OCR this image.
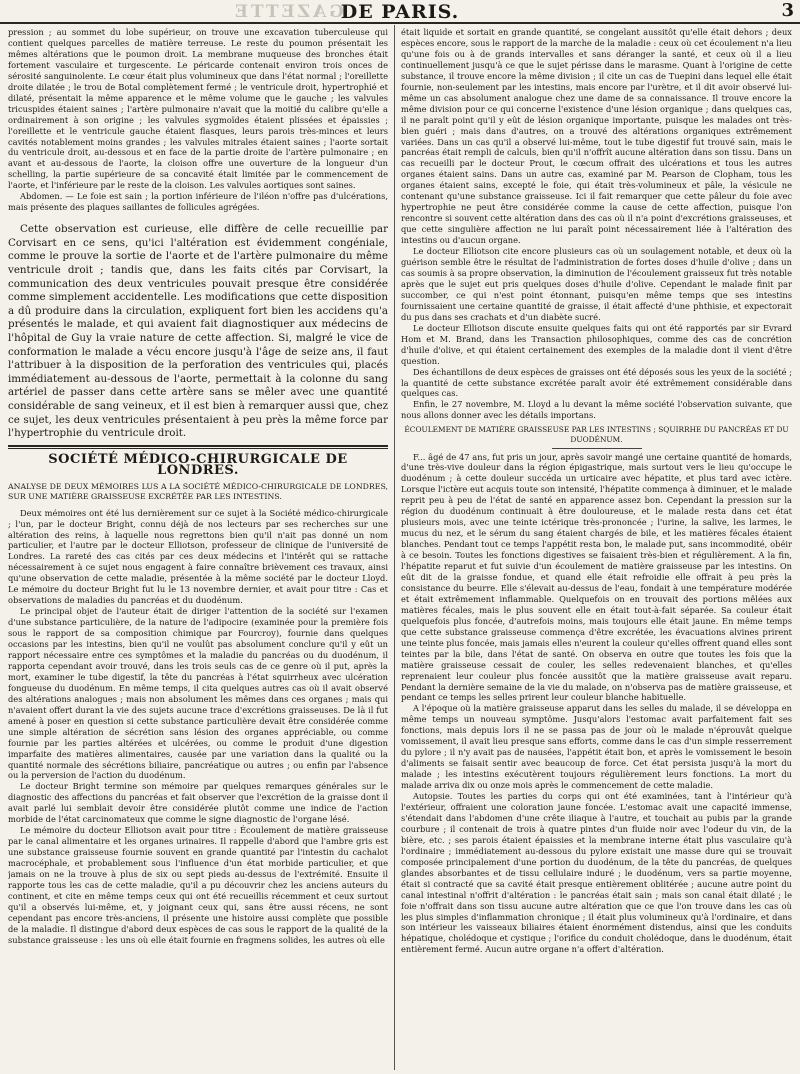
GAZETTE
DE PARIS.	3

pression ; au sommet du lobe supérieur, on trouve une excavation tuberculeuse qui contient quelques parcelles de matière terreuse. Le reste du poumon présentait les mêmes altérations que le poumon droit. La membrane muqueuse des bronches était fortement vasculaire et turgescente. Le péricarde contenait environ trois onces de sérosité sanguinolente. Le cœur était plus volumineux que dans l'état normal ; l'oreillette droite dilatée ; le trou de Botal complètement fermé ; le ventricule droit, hypertrophié et dilaté, présentait la même apparence et le même volume que le gauche ; les valvules tricuspides étaient saines ; l'artère pulmonaire n'avait que la moitié du calibre qu'elle a ordinairement à son origine ; les valvules sygmoïdes étaient plissées et épaissies ; l'oreillette et le ventricule gauche étaient flasques, leurs parois très-minces et leurs cavités notablement moins grandes ; les valvules mitrales étaient saines ; l'aorte sortait du ventricule droit, au-dessous et en face de la partie droite de l'artère pulmonaire ; en avant et au-dessous de l'aorte, la cloison offre une ouverture de la longueur d'un schelling, la partie supérieure de sa concavité était limitée par le commencement de l'aorte, et l'inférieure par le reste de la cloison. Les valvules aortiques sont saines.

Abdomen. — Le foie est sain ; la portion inférieure de l'iléon n'offre pas d'ulcérations, mais présente des plaques saillantes de follicules agrégées.

Cette observation est curieuse, elle diffère de celle recueillie par Corvisart en ce sens, qu'ici l'altération est évidemment congéniale, comme le prouve la sortie de l'aorte et de l'artère pulmonaire du même ventricule droit ; tandis que, dans les faits cités par Corvisart, la communication des deux ventricules pouvait presque être considérée comme simplement accidentelle. Les modifications que cette disposition a dû produire dans la circulation, expliquent fort bien les accidens qu'a présentés le malade, et qui avaient fait diagnostiquer aux médecins de l'hôpital de Guy la vraie nature de cette affection. Si, malgré le vice de conformation le malade a vécu encore jusqu'à l'âge de seize ans, il faut l'attribuer à la disposition de la perforation des ventricules qui, placés immédiatement au-dessous de l'aorte, permettait à la colonne du sang artériel de passer dans cette artère sans se mêler avec une quantité considérable de sang veineux, et il est bien à remarquer aussi que, chez ce sujet, les deux ventricules présentaient à peu près la même force par l'hypertrophie du ventricule droit.

SOCIÉTÉ MÉDICO-CHIRURGICALE DE LONDRES.
ANALYSE DE DEUX MÉMOIRES LUS A LA SOCIÉTÉ MÉDICO-CHIRURGICALE DE LONDRES, SUR UNE MATIÈRE GRAISSEUSE EXCRÉTÉE PAR LES INTESTINS.

Deux mémoires ont été lus dernièrement sur ce sujet à la Société médico-chirurgicale ; l'un, par le docteur Bright, connu déjà de nos lecteurs par ses recherches sur une altération des reins, à laquelle nous regrettons bien qu'il n'ait pas donné un nom particulier, et l'autre par le docteur Elliotson, professeur de clinique de l'université de Londres. La rareté des cas cités par ces deux médecins et l'intérêt qui se rattache nécessairement à ce sujet nous engagent à faire connaître brièvement ces travaux, ainsi qu'une observation de cette maladie, présentée à la même société par le docteur Lloyd. Le mémoire du docteur Bright fut lu le 13 novembre dernier, et avait pour titre : Cas et observations de maladies du pancréas et du duodénum.

Le principal objet de l'auteur était de diriger l'attention de la société sur l'examen d'une substance particulière, de la nature de l'adipocire (examinée pour la première fois sous le rapport de sa composition chimique par Fourcroy), fournie dans quelques occasions par les intestins, bien qu'il ne voulût pas absolument conclure qu'il y eût un rapport nécessaire entre ces symptômes et la maladie du pancréas ou du duodénum, il rapporta cependant avoir trouvé, dans les trois seuls cas de ce genre où il put, après la mort, examiner le tube digestif, la tête du pancréas à l'état squirrheux avec ulcération fongueuse du duodénum. En même temps, il cita quelques autres cas où il avait observé des altérations analogues ; mais non absolument les mêmes dans ces organes ; mais qui n'avaient offert durant la vie des sujets aucune trace d'excrétions graisseuses. De là il fut amené à poser en question si cette substance particulière devait être considérée comme une simple altération de sécrétion sans lésion des organes appréciable, ou comme fournie par les parties altérées et ulcérées, ou comme le produit d'une digestion imparfaite des matières alimentaires, causée par une variation dans la qualité ou la quantité normale des sécrétions biliaire, pancréatique ou autres ; ou enfin par l'absence ou la perversion de l'action du duodénum.

Le docteur Bright termine son mémoire par quelques remarques générales sur le diagnostic des affections du pancréas et fait observer que l'excrétion de la graisse dont il avait parlé lui semblait devoir être considérée plutôt comme une indice de l'action morbide de l'état carcinomateux que comme le signe diagnostic de l'organe lésé.

Le mémoire du docteur Elliotson avait pour titre : Écoulement de matière graisseuse par le canal alimentaire et les organes urinaires. Il rappelle d'abord que l'ambre gris est une substance graisseuse fournie souvent en grande quantité par l'intestin du cachalot macrocéphale, et probablement sous l'influence d'un état morbide particulier, et que jamais on ne la trouve à plus de six ou sept pieds au-dessus de l'extrémité. Ensuite il rapporte tous les cas de cette maladie, qu'il a pu découvrir chez les anciens auteurs du continent, et cite en même temps ceux qui ont été recueillis récemment et ceux surtout qu'il a observés lui-même, et, y joignant ceux qui, sans être aussi récens, ne sont cependant pas encore très-anciens, il présente une histoire aussi complète que possible de la maladie. Il distingue d'abord deux espèces de cas sous le rapport de la qualité de la substance graisseuse : les uns où elle était fournie en fragmens solides, les autres où elle

était liquide et sortait en grande quantité, se congelant aussitôt qu'elle était dehors ; deux espèces encore, sous le rapport de la marche de la maladie : ceux où cet écoulement n'a lieu qu'une fois ou à de grands intervalles et sans déranger la santé, et ceux où il a lieu continuellement jusqu'à ce que le sujet périsse dans le marasme. Quant à l'origine de cette substance, il trouve encore la même division ; il cite un cas de Tuepini dans lequel elle était fournie, non-seulement par les intestins, mais encore par l'urètre, et il dit avoir observé lui-même un cas absolument analogue chez une dame de sa connaissance. Il trouve encore la même division pour ce qui concerne l'existence d'une lésion organique ; dans quelques cas, il ne paraît point qu'il y eût de lésion organique importante, puisque les malades ont très-bien guéri ; mais dans d'autres, on a trouvé des altérations organiques extrêmement variées. Dans un cas qu'il a observé lui-même, tout le tube digestif fut trouvé sain, mais le pancréas était rempli de calculs, bien qu'il n'offrît aucune altération dans son tissu. Dans un cas recueilli par le docteur Prout, le cœcum offrait des ulcérations et tous les autres organes étaient sains. Dans un autre cas, examiné par M. Pearson de Clopham, tous les organes étaient sains, excepté le foie, qui était très-volumineux et pâle, la vésicule ne contenant qu'une substance graisseuse. Ici il fait remarquer que cette pâleur du foie avec hypertrophie ne peut être considérée comme la cause de cette affection, puisque l'on rencontre si souvent cette altération dans des cas où il n'a point d'excrétions graisseuses, et que cette singulière affection ne lui paraît point nécessairement liée à l'altération des intestins ou d'aucun organe.

Le docteur Elliotson cite encore plusieurs cas où un soulagement notable, et deux où la guérison semble être le résultat de l'administration de fortes doses d'huile d'olive ; dans un cas soumis à sa propre observation, la diminution de l'écoulement graisseux fut très notable après que le sujet eut pris quelques doses d'huile d'olive. Cependant le malade finit par succomber, ce qui n'est point étonnant, puisqu'en même temps que ses intestins fournissaient une certaine quantité de graisse, il était affecté d'une phthisie, et expectorait du pus dans ses crachats et d'un diabète sucré.

Le docteur Elliotson discute ensuite quelques faits qui ont été rapportés par sir Evrard Hom et M. Brand, dans les Transaction philosophiques, comme des cas de concrétion d'huile d'olive, et qui étaient certainement des exemples de la maladie dont il vient d'être question.

Des échantillons de deux espèces de graisses ont été déposés sous les yeux de la société ; la quantité de cette substance excrétée paraît avoir été extrêmement considérable dans quelques cas.

Enfin, le 27 novembre, M. Lloyd a lu devant la même société l'observation suivante, que nous allons donner avec les détails importans.

ÉCOULEMENT DE MATIÈRE GRAISSEUSE PAR LES INTESTINS ; SQUIRRHE DU PANCRÉAS ET DU DUODÉNUM.

F... âgé de 47 ans, fut pris un jour, après savoir mangé une certaine quantité de homards, d'une très-vive douleur dans la région épigastrique, mais surtout vers le lieu qu'occupe le duodénum ; à cette douleur succéda un urticaire avec hépatite, et plus tard avec ictère. Lorsque l'ictère eut acquis toute son intensité, l'hépatite commença à diminuer, et le malade reprit peu à peu de l'état de santé en apparence assez bon. Cependant la pression sur la région du duodénum continuait à être douloureuse, et le malade resta dans cet état plusieurs mois, avec une teinte ictérique très-prononcée ; l'urine, la salive, les larmes, le mucus du nez, et le sérum du sang étaient chargés de bile, et les matières fécales étaient blanches. Pendant tout ce temps l'appétit resta bon, le malade put, sans incommodité, obéir à ce besoin. Toutes les fonctions digestives se faisaient très-bien et régulièrement. A la fin, l'hépatite reparut et fut suivie d'un écoulement de matière graisseuse par les intestins. On eût dit de la graisse fondue, et quand elle était refroidie elle offrait à peu près la consistance du beurre. Elle s'élevait au-dessus de l'eau, fondait à une température modérée et était extrêmement inflammable. Quelquefois on en trouvait des portions mêlées aux matières fécales, mais le plus souvent elle en était tout-à-fait séparée. Sa couleur était quelquefois plus foncée, d'autrefois moins, mais toujours elle était jaune. En même temps que cette substance graisseuse commença d'être excrétée, les évacuations alvines prirent une teinte plus foncée, mais jamais elles n'eurent la couleur qu'elles offrent quand elles sont teintes par la bile, dans l'état de santé. On observa en outre que toutes les fois que la matière graisseuse cessait de couler, les selles redevenaient blanches, et qu'elles reprenaient leur couleur plus foncée aussitôt que la matière graisseuse avait reparu. Pendant la dernière semaine de la vie du malade, on n'observa pas de matière graisseuse, et pendant ce temps les selles prirent leur couleur blanche habituelle.

A l'époque où la matière graisseuse apparut dans les selles du malade, il se développa en même temps un nouveau symptôme. Jusqu'alors l'estomac avait parfaitement fait ses fonctions, mais depuis lors il ne se passa pas de jour où le malade n'éprouvât quelque vomissement, il avait lieu presque sans efforts, comme dans le cas d'un simple resserrement du pylore ; il n'y avait pas de nausées, l'appétit était bon, et après le vomissement le besoin d'aliments se faisait sentir avec beaucoup de force. Cet état persista jusqu'à la mort du malade ; les intestins exécutèrent toujours régulièrement leurs fonctions. La mort du malade arriva dix ou onze mois après le commencement de cette maladie.

Autopsie. Toutes les parties du corps qui ont été examinées, tant à l'intérieur qu'à l'extérieur, offraient une coloration jaune foncée. L'estomac avait une capacité immense, s'étendait dans l'abdomen d'une crête iliaque à l'autre, et touchait au pubis par la grande courbure ; il contenait de trois à quatre pintes d'un fluide noir avec l'odeur du vin, de la bière, etc. ; ses parois étaient épaissies et la membrane interne était plus vasculaire qu'à l'ordinaire ; immédiatement au-dessous du pylore existait une masse dure qui se trouvait composée principalement d'une portion du duodénum, de la tête du pancréas, de quelques glandes absorbantes et de tissu cellulaire induré ; le duodénum, vers sa partie moyenne, était si contracté que sa cavité était presque entièrement oblitérée ; aucune autre point du canal intestinal n'offrit d'altération : le pancréas était sain ; mais son canal était dilaté ; le foie n'offrait dans son tissu aucune autre altération que ce que l'on trouve dans les cas où les plus simples d'inflammation chronique ; il était plus volumineux qu'à l'ordinaire, et dans son intérieur les vaisseaux biliaires étaient énormément distendus, ainsi que les conduits hépatique, cholédoque et cystique ; l'orifice du conduit cholédoque, dans le duodénum, était entièrement fermé. Aucun autre organe n'a offert d'altération.
